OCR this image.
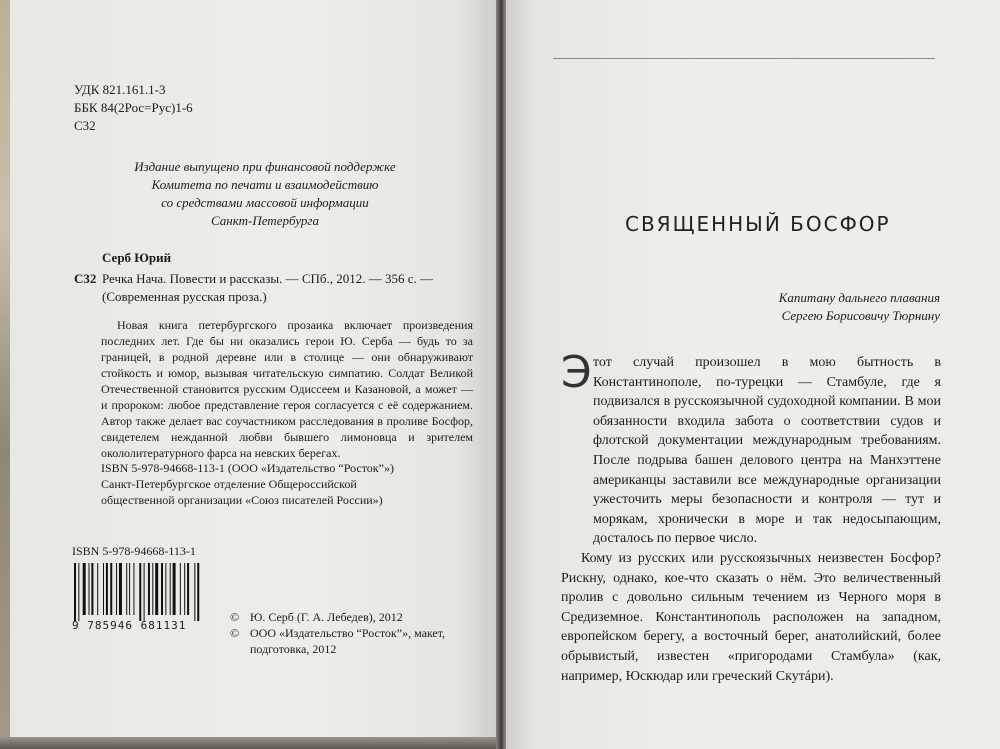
УДК 821.161.1-3
ББК 84(2Рос=Рус)1-6
С32
Издание выпущено при финансовой поддержке
Комитета по печати и взаимодействию
со средствами массовой информации
Санкт-Петербурга
Серб Юрий
С32 Речка Нача. Повести и рассказы. — СПб., 2012. — 356 с. — (Современная русская проза.)
Новая книга петербургского прозаика включает произведения последних лет. Где бы ни оказались герои Ю. Серба — будь то за границей, в родной деревне или в столице — они обнаруживают стойкость и юмор, вызывая читательскую симпатию. Солдат Великой Отечественной становится русским Одиссеем и Казановой, а может — и пророком: любое представление героя согласуется с её содержанием. Автор также делает вас соучастником расследования в проливе Босфор, свидетелем нежданной любви бывшего лимоновца и зрителем окололитературного фарса на невских берегах.
ISBN 5-978-94668-113-1 (ООО «Издательство “Росток”»)
Санкт-Петербургское отделение Общероссийской
общественной организации «Союз писателей России»)
ISBN 5-978-94668-113-1
9 785946 681131
© Ю. Серб (Г. А. Лебедев), 2012
© ООО «Издательство “Росток”», макет, подготовка, 2012
СВЯЩЕННЫЙ БОСФОР
Капитану дальнего плавания
Сергею Борисовичу Тюрнину
Э тот случай произошел в мою бытность в Константинополе, по-турецки — Стамбуле, где я подвизался в русскоязычной судоходной компании. В мои обязанности входила забота о соответствии судов и флотской документации международным требованиям. После подрыва башен делового центра на Манхэттене американцы заставили все международные организации ужесточить меры безопасности и контроля — тут и морякам, хронически в море и так недосыпающим, досталось по первое число.

Кому из русских или русскоязычных неизвестен Босфор? Рискну, однако, кое-что сказать о нём. Это величественный пролив с довольно сильным течением из Черного моря в Средиземное. Константинополь расположен на западном, европейском берегу, а восточный берег, анатолийский, более обрывистый, известен «пригородами Стамбула» (как, например, Юскюдар или греческий Скутáри).
